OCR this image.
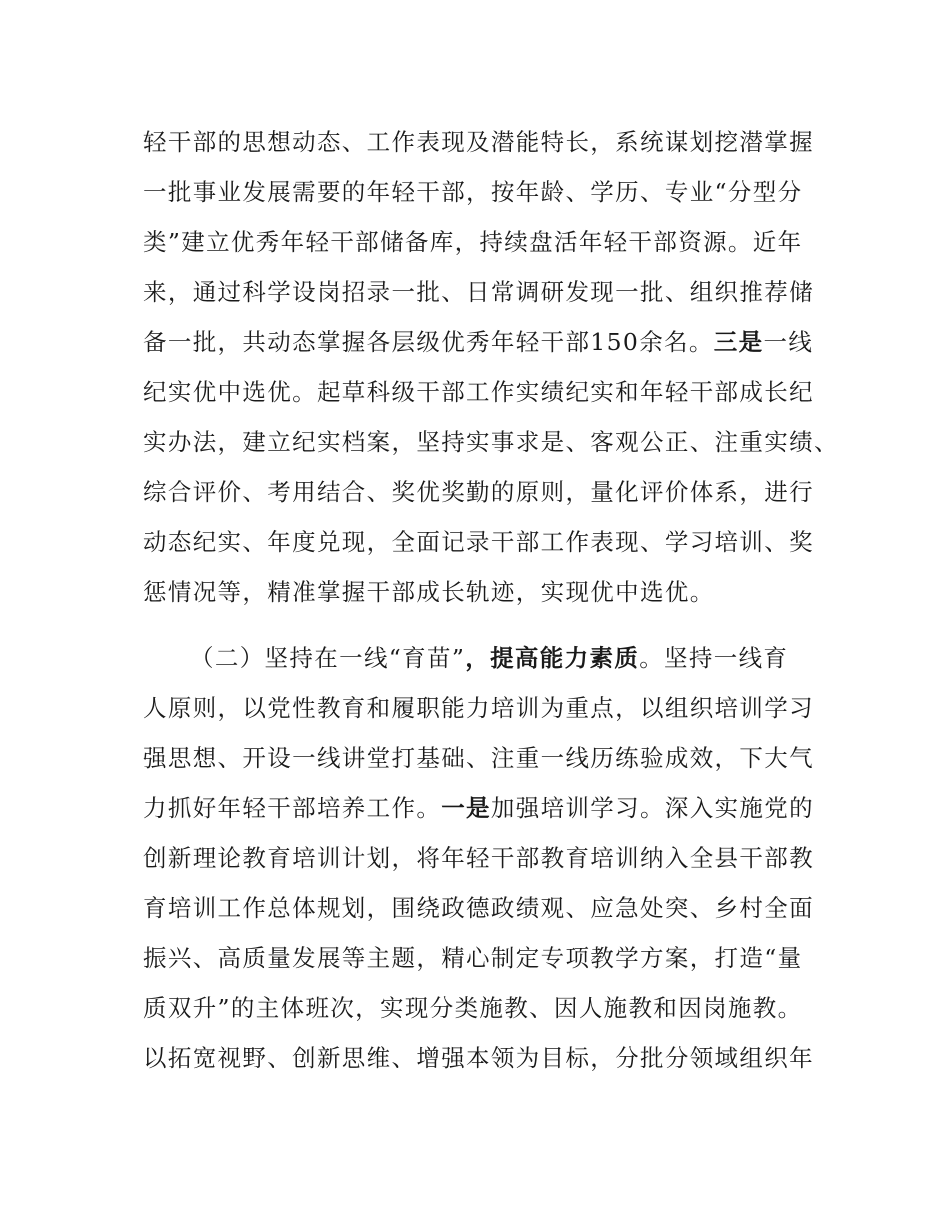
轻干部的思想动态、工作表现及潜能特长，系统谋划挖潜掌握
一批事业发展需要的年轻干部，按年龄、学历、专业“分型分
类”建立优秀年轻干部储备库，持续盘活年轻干部资源。近年
来，通过科学设岗招录一批、日常调研发现一批、组织推荐储
备一批，共动态掌握各层级优秀年轻干部150余名。三是一线
纪实优中选优。起草科级干部工作实绩纪实和年轻干部成长纪
实办法，建立纪实档案，坚持实事求是、客观公正、注重实绩、
综合评价、考用结合、奖优奖勤的原则，量化评价体系，进行
动态纪实、年度兑现，全面记录干部工作表现、学习培训、奖
惩情况等，精准掌握干部成长轨迹，实现优中选优。
（二）坚持在一线“育苗”，提高能力素质。坚持一线育
人原则，以党性教育和履职能力培训为重点，以组织培训学习
强思想、开设一线讲堂打基础、注重一线历练验成效，下大气
力抓好年轻干部培养工作。一是加强培训学习。深入实施党的
创新理论教育培训计划，将年轻干部教育培训纳入全县干部教
育培训工作总体规划，围绕政德政绩观、应急处突、乡村全面
振兴、高质量发展等主题，精心制定专项教学方案，打造“量
质双升”的主体班次，实现分类施教、因人施教和因岗施教。
以拓宽视野、创新思维、增强本领为目标，分批分领域组织年
